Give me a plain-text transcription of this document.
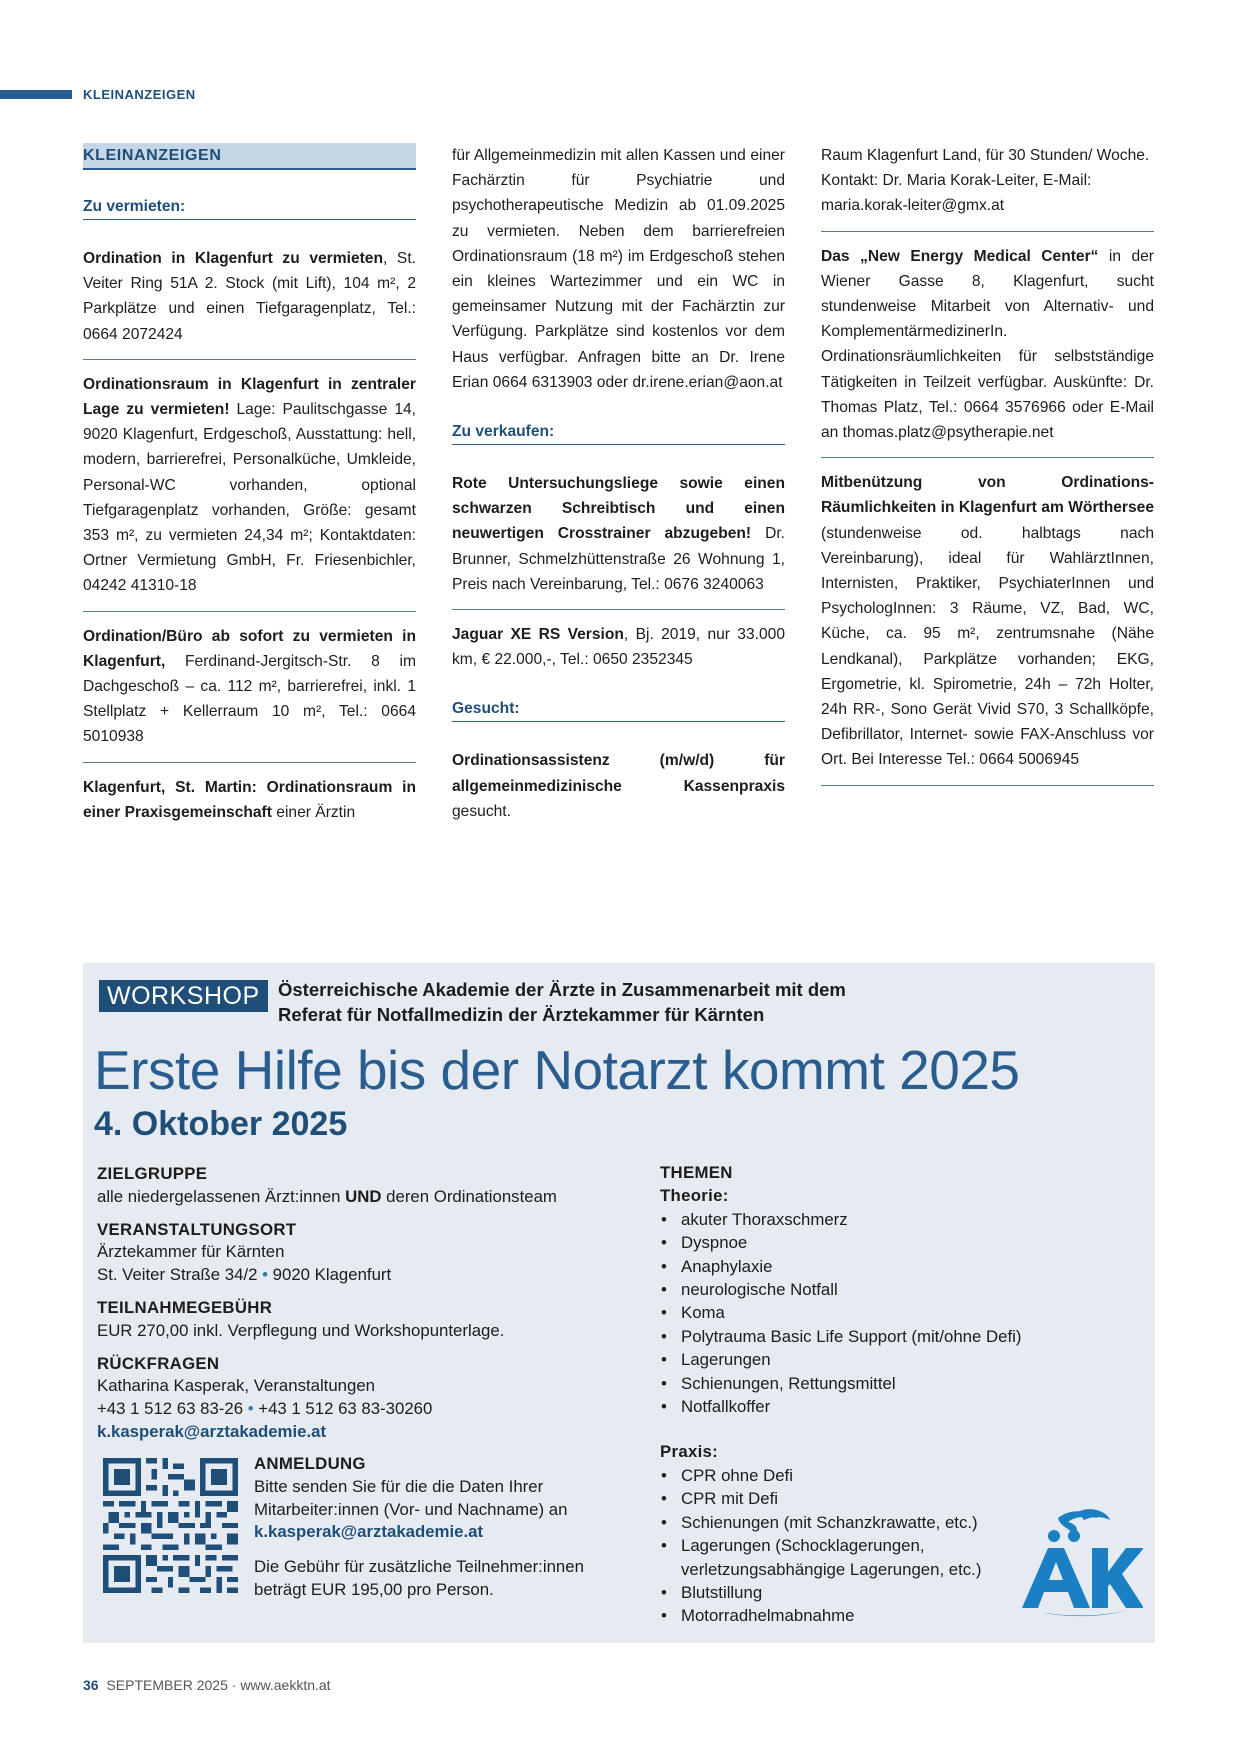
KLEINANZEIGEN
KLEINANZEIGEN
Zu vermieten:

Ordination in Klagenfurt zu vermieten, St. Veiter Ring 51A 2. Stock (mit Lift), 104 m², 2 Parkplätze und einen Tiefgaragenplatz, Tel.: 0664 2072424

Ordinationsraum in Klagenfurt in zentraler Lage zu vermieten! Lage: Paulitschgasse 14, 9020 Klagenfurt, Erdgeschoß, Ausstattung: hell, modern, barrierefrei, Personalküche, Umkleide, Personal-WC vorhanden, optional Tiefgaragenplatz vorhanden, Größe: gesamt 353 m², zu vermieten 24,34 m²; Kontaktdaten: Ortner Vermietung GmbH, Fr. Friesenbichler, 04242 41310-18

Ordination/Büro ab sofort zu vermieten in Klagenfurt, Ferdinand-Jergitsch-Str. 8 im Dachgeschoß – ca. 112 m², barrierefrei, inkl. 1 Stellplatz + Kellerraum 10 m², Tel.: 0664 5010938

Klagenfurt, St. Martin: Ordinationsraum in einer Praxisgemeinschaft einer Ärztin

für Allgemeinmedizin mit allen Kassen und einer Fachärztin für Psychiatrie und psychotherapeutische Medizin ab 01.09.2025 zu vermieten. Neben dem barrierefreien Ordinationsraum (18 m²) im Erdgeschoß stehen ein kleines Wartezimmer und ein WC in gemeinsamer Nutzung mit der Fachärztin zur Verfügung. Parkplätze sind kostenlos vor dem Haus verfügbar. Anfragen bitte an Dr. Irene Erian 0664 6313903 oder dr.irene.erian@aon.at

Zu verkaufen:

Rote Untersuchungsliege sowie einen schwarzen Schreibtisch und einen neuwertigen Crosstrainer abzugeben! Dr. Brunner, Schmelzhüttenstraße 26 Wohnung 1, Preis nach Vereinbarung, Tel.: 0676 3240063

Jaguar XE RS Version, Bj. 2019, nur 33.000 km, € 22.000,-, Tel.: 0650 2352345

Gesucht:

Ordinationsassistenz (m/w/d) für allgemeinmedizinische Kassenpraxis gesucht.

Raum Klagenfurt Land, für 30 Stunden/ Woche. Kontakt: Dr. Maria Korak-Leiter, E-Mail: maria.korak-leiter@gmx.at

Das „New Energy Medical Center“ in der Wiener Gasse 8, Klagenfurt, sucht stundenweise Mitarbeit von Alternativ- und KomplementärmedizinerIn. Ordinationsräumlichkeiten für selbstständige Tätigkeiten in Teilzeit verfügbar. Auskünfte: Dr. Thomas Platz, Tel.: 0664 3576966 oder E-Mail an thomas.platz@psytherapie.net

Mitbenützung von Ordinations-Räumlichkeiten in Klagenfurt am Wörthersee (stundenweise od. halbtags nach Vereinbarung), ideal für WahlärztInnen, Internisten, Praktiker, PsychiaterInnen und PsychologInnen: 3 Räume, VZ, Bad, WC, Küche, ca. 95 m², zentrumsnahe (Nähe Lendkanal), Parkplätze vorhanden; EKG, Ergometrie, kl. Spirometrie, 24h – 72h Holter, 24h RR-, Sono Gerät Vivid S70, 3 Schallköpfe, Defibrillator, Internet- sowie FAX-Anschluss vor Ort. Bei Interesse Tel.: 0664 5006945

WORKSHOP Österreichische Akademie der Ärzte in Zusammenarbeit mit dem
Referat für Notfallmedizin der Ärztekammer für Kärnten
Erste Hilfe bis der Notarzt kommt 2025
4. Oktober 2025
ZIELGRUPPE
alle niedergelassenen Ärzt:innen UND deren Ordinationsteam
VERANSTALTUNGSORT
Ärztekammer für Kärnten
St. Veiter Straße 34/2 • 9020 Klagenfurt
TEILNAHMEGEBÜHR
EUR 270,00 inkl. Verpflegung und Workshopunterlage.
RÜCKFRAGEN
Katharina Kasperak, Veranstaltungen
+43 1 512 63 83-26 • +43 1 512 63 83-30260
k.kasperak@arztakademie.at
ANMELDUNG
Bitte senden Sie für die die Daten Ihrer Mitarbeiter:innen (Vor- und Nachname) an
k.kasperak@arztakademie.at
Die Gebühr für zusätzliche Teilnehmer:innen beträgt EUR 195,00 pro Person.
THEMEN
Theorie:
• akuter Thoraxschmerz
• Dyspnoe
• Anaphylaxie
• neurologische Notfall
• Koma
• Polytrauma Basic Life Support (mit/ohne Defi)
• Lagerungen
• Schienungen, Rettungsmittel
• Notfallkoffer
Praxis:
• CPR ohne Defi
• CPR mit Defi
• Schienungen (mit Schanzkrawatte, etc.)
• Lagerungen (Schocklagerungen, verletzungsabhängige Lagerungen, etc.)
• Blutstillung
• Motorradhelmabnahme
36 SEPTEMBER 2025 · www.aekktn.at
